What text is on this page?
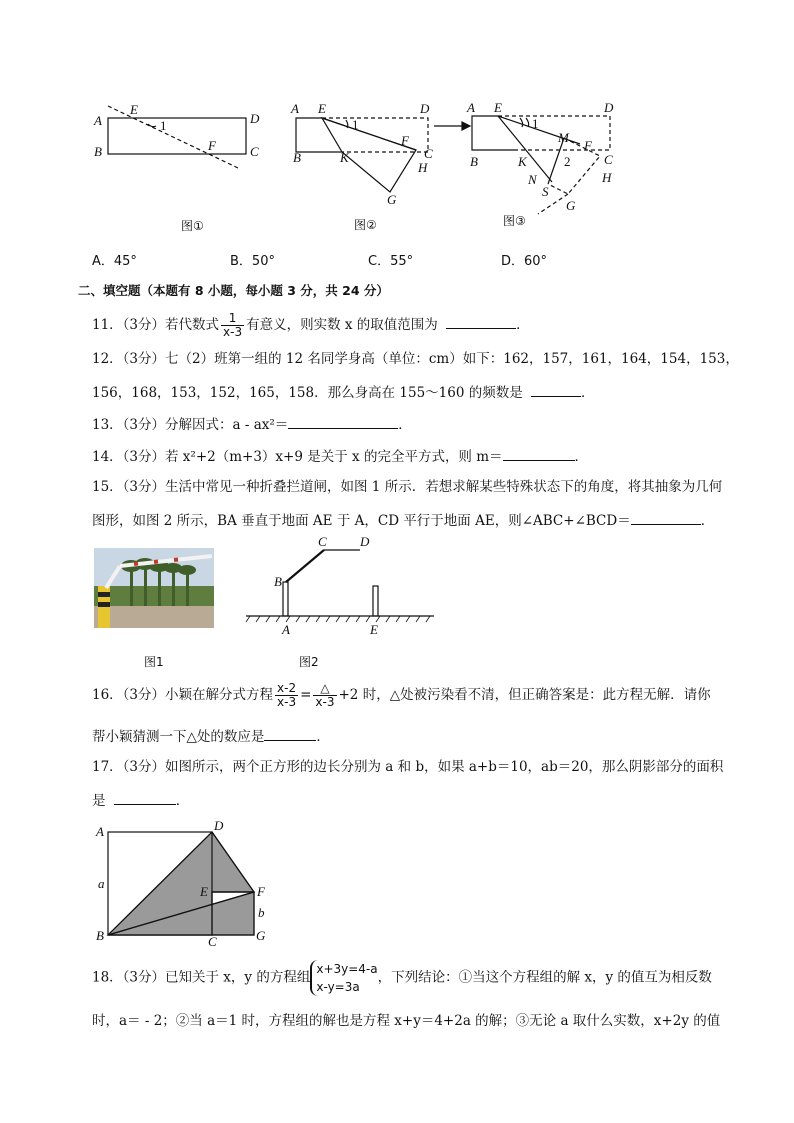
A
E
1	D
B	F	C
A E
1
D
F
C
B	K
H
G
A E
1
D
M
F
2	C
B	K
N
S
H
G
图①	图②	图③
A．45°	B．50°	C．55°	D．60°
二、填空题（本题有 8 小题，每小题 3 分，共 24 分）
11．（3分）若代数式 $\frac{1}{x-3}$ 有意义，则实数 x 的取值范围为	．
12．（3分）七（2）班第一组的 12 名同学身高（单位：cm）如下：162，157，161，164，154，153，
156，168，153，152，165，158．那么身高在 155～160 的频数是	．
13．（3分）分解因式：a - ax²＝	．
14．（3分）若 x²+2（m+3）x+9 是关于 x 的完全平方式，则 m＝	．
15．（3分）生活中常见一种折叠拦道闸，如图 1 所示．若想求解某些特殊状态下的角度，将其抽象为几何
图形，如图 2 所示，BA 垂直于地面 AE 于 A，CD 平行于地面 AE，则∠ABC+∠BCD＝	．
C	D
B
A	E
图1	图2
16．（3分）小颖在解分式方程 $\frac{x-2}{x-3} = \frac{\triangle}{x-3} +2$ 时，△处被污染看不清，但正确答案是：此方程无解．请你
帮小颖猜测一下△处的数应是	．
17．（3分）如图所示，两个正方形的边长分别为 a 和 b，如果 a+b＝10，ab＝20，那么阴影部分的面积
是	．
A	D
a
E	F
b
B	C	G
18．（3分）已知关于 x，y 的方程组
x+3y=4-a
x-y=3a
，下列结论：①当这个方程组的解 x，y 的值互为相反数
时，a＝ - 2；②当 a＝1 时，方程组的解也是方程 x+y＝4+2a 的解；③无论 a 取什么实数，x+2y 的值
